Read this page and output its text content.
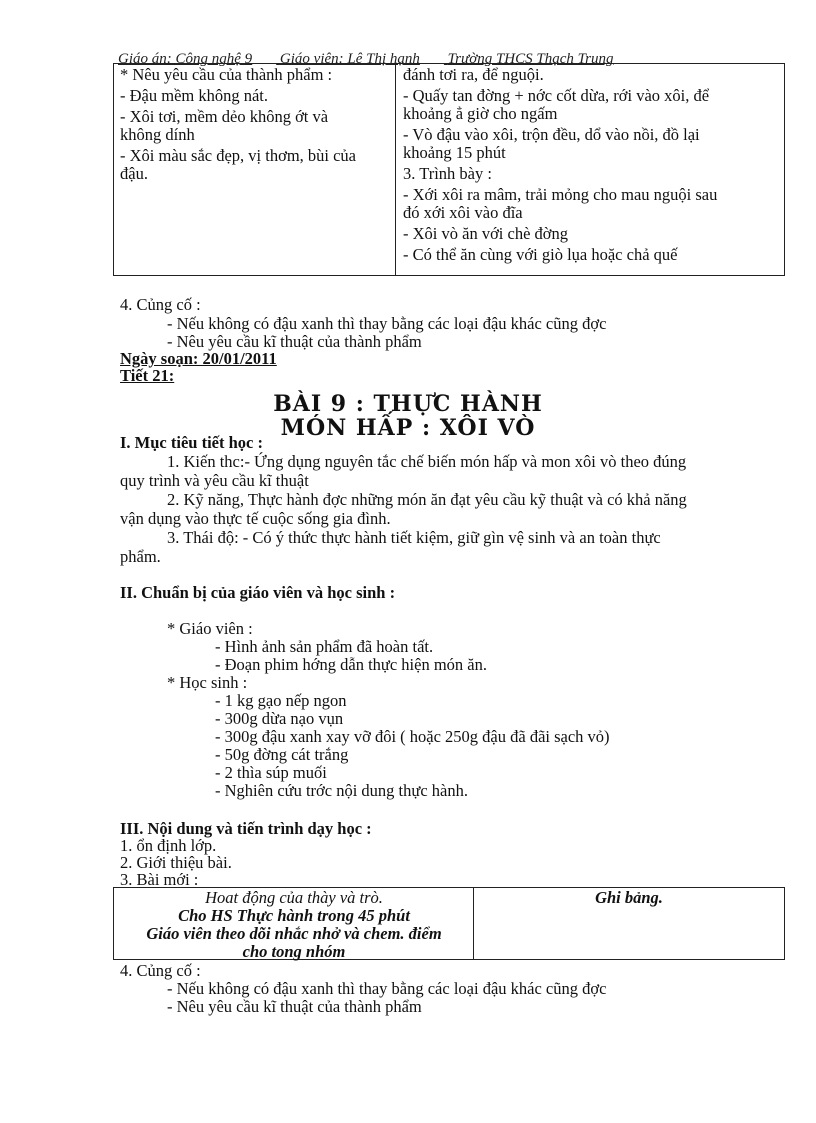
Giáo án: Công nghệ 9 Giáo viên: Lê Thị hạnh Trường THCS Thạch Trung
* Nêu yêu cầu của thành phẩm :
- Đậu mềm không nát.
- Xôi tơi, mềm dẻo không ớt và
không dính
- Xôi màu sắc đẹp, vị thơm, bùi của
đậu.
đánh tơi ra, để nguội.
- Quấy tan đờng + nớc cốt dừa, rới vào xôi, để
khoảng ẳ giờ cho ngấm
- Vò đậu vào xôi, trộn đều, dổ vào nồi, đồ lại
khoảng 15 phút
3. Trình bày :
- Xới xôi ra mâm, trải mỏng cho mau nguội sau
đó xới xôi vào đĩa
- Xôi vò ăn với chè đờng
- Có thể ăn cùng với giò lụa hoặc chả quế
4. Củng cố :
- Nếu không có đậu xanh thì thay bằng các loại đậu khác cũng đợc
- Nêu yêu cầu kĩ thuật của thành phẩm
Ngày soạn: 20/01/2011
Tiết 21:
BÀI 9 : THỰC HÀNH
MÓN HẤP : XÔI VÒ
I. Mục tiêu tiết học :
1. Kiến thc:- Ứng dụng nguyên tắc chế biến món hấp và mon xôi vò theo đúng
quy trình và yêu cầu kĩ thuật
2. Kỹ năng, Thực hành đợc những món ăn đạt yêu cầu kỹ thuật và có khả năng
vận dụng vào thực tế cuộc sống gia đình.
3. Thái độ: - Có ý thức thực hành tiết kiệm, giữ gìn vệ sinh và an toàn thực
phẩm.
II. Chuẩn bị của giáo viên và học sinh :
* Giáo viên :
- Hình ảnh sản phẩm đã hoàn tất.
- Đoạn phim hớng dẫn thực hiện món ăn.
* Học sinh :
- 1 kg gạo nếp ngon
- 300g dừa nạo vụn
- 300g đậu xanh xay vỡ đôi ( hoặc 250g đậu đã đãi sạch vỏ)
- 50g đờng cát trắng
- 2 thìa súp muối
- Nghiên cứu trớc nội dung thực hành.
III. Nội dung và tiến trình dạy học :
1. ổn định lớp.
2. Giới thiệu bài.
3. Bài mới :
Hoat động của thày và trò.
Cho HS Thực hành trong 45 phút
Giáo viên theo dõi nhắc nhở và chem. điểm
cho tong nhóm
Ghi bảng.
4. Củng cố :
- Nếu không có đậu xanh thì thay bằng các loại đậu khác cũng đợc
- Nêu yêu cầu kĩ thuật của thành phẩm
